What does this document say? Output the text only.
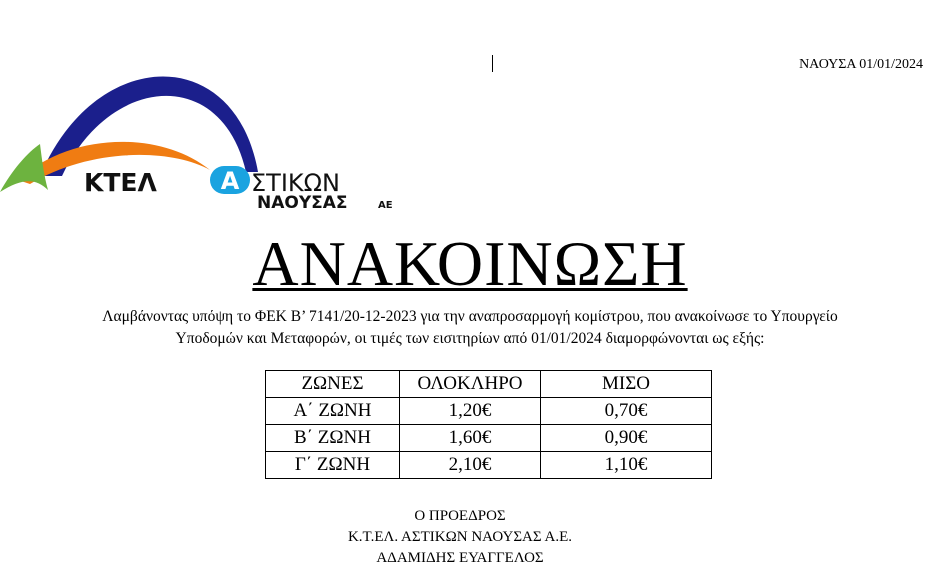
ΝΑΟΥΣΑ 01/01/2024
ΚΤΕΛ	Α ΣΤΙΚΩΝ
ΝΑΟΥΣΑΣ	ΑΕ
ΑΝΑΚΟΙΝΩΣΗ
Λαμβάνοντας υπόψη το ΦΕΚ Β’ 7141/20-12-2023 για την αναπροσαρμογή κομίστρου, που ανακοίνωσε το Υπουργείο
Υποδομών και Μεταφορών, οι τιμές των εισιτηρίων από 01/01/2024 διαμορφώνονται ως εξής:
ΖΩΝΕΣ	ΟΛΟΚΛΗΡΟ	ΜΙΣΟ
Α΄ ΖΩΝΗ	1,20€	0,70€
Β΄ ΖΩΝΗ	1,60€	0,90€
Γ΄ ΖΩΝΗ	2,10€	1,10€
Ο ΠΡΟΕΔΡΟΣ
Κ.Τ.ΕΛ. ΑΣΤΙΚΩΝ ΝΑΟΥΣΑΣ Α.Ε.
ΑΔΑΜΙΔΗΣ ΕΥΑΓΓΕΛΟΣ
